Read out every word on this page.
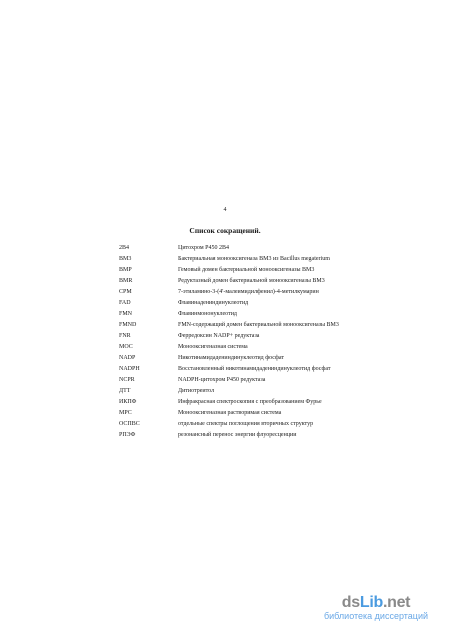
4
Список сокращений.
2B4	Цитохром P450 2B4
BM3	Бактериальная монооксигеназа BM3 из Bacillus megaterium
BMP	Гемовый домен бактериальной монооксигеназы BM3
BMR	Редуктазный домен бактериальной монооксигеназы BM3
CPM	7-этиламино-3-(4'-малеимидилфенил)-4-метилкумарин
FAD	Флавинадениндинуклеотид
FMN	Флавинмононуклеотид
FMND	FMN-содержащий домен бактериальной монооксигеназы BM3
FNR	Ферредоксин NADP+ редуктаза
МОС	Монооксигеназная система
NADP	Никотинамидадениндинуклеотид фосфат
NADPH	Восстановленный никотинамидадениндинуклеотид фосфат
NCPR	NADPH-цитохром P450 редуктаза
ДТТ	Дитиотреитол
ИКПФ	Инфракрасная спектроскопия с преобразованием Фурье
МРС	Монооксигеназная растворимая система
ОСПВС	отдельные спектры поглощения вторичных структур
РПЭФ	резонансный перенос энергии флуоресценции
dsLib.net
библиотека диссертаций
